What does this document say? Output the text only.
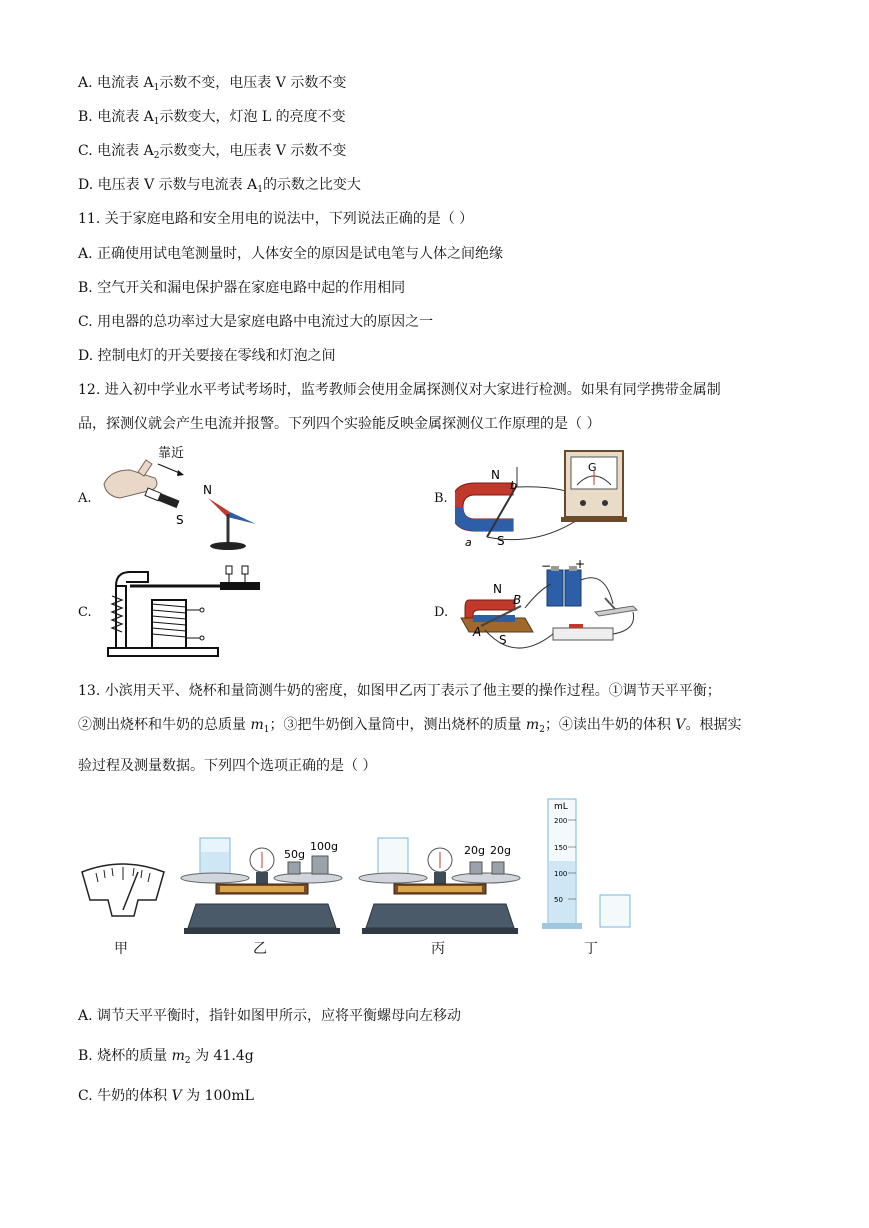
A. 电流表 $A_1$示数不变，电压表 V 示数不变
B. 电流表 $A_1$示数变大，灯泡 L 的亮度不变
C. 电流表 $A_2$示数变大，电压表 V 示数不变
D. 电压表 V 示数与电流表 $A_1$的示数之比变大
11. 关于家庭电路和安全用电的说法中，下列说法正确的是（ ）
A. 正确使用试电笔测量时，人体安全的原因是试电笔与人体之间绝缘
B. 空气开关和漏电保护器在家庭电路中起的作用相同
C. 用电器的总功率过大是家庭电路中电流过大的原因之一
D. 控制电灯的开关要接在零线和灯泡之间
12. 进入初中学业水平考试考场时，监考教师会使用金属探测仪对大家进行检测。如果有同学携带金属制
品，探测仪就会产生电流并报警。下列四个实验能反映金属探测仪工作原理的是（ ）
A.	B.
C.	D.
靠近
S
N
N
S
b
a
G
N
S
B
A
− +
13. 小滨用天平、烧杯和量筒测牛奶的密度，如图甲乙丙丁表示了他主要的操作过程。①调节天平平衡；
②测出烧杯和牛奶的总质量 $m_1$；③把牛奶倒入量筒中，测出烧杯的质量 $m_2$；④读出牛奶的体积 V。根据实
验过程及测量数据。下列四个选项正确的是（ ）
甲
50g
100g
乙
20g 20g
丙
mL
200
150
100
50
丁
A. 调节天平平衡时，指针如图甲所示，应将平衡螺母向左移动
B. 烧杯的质量 $m_2$ 为 41.4g
C. 牛奶的体积 V 为 100mL
